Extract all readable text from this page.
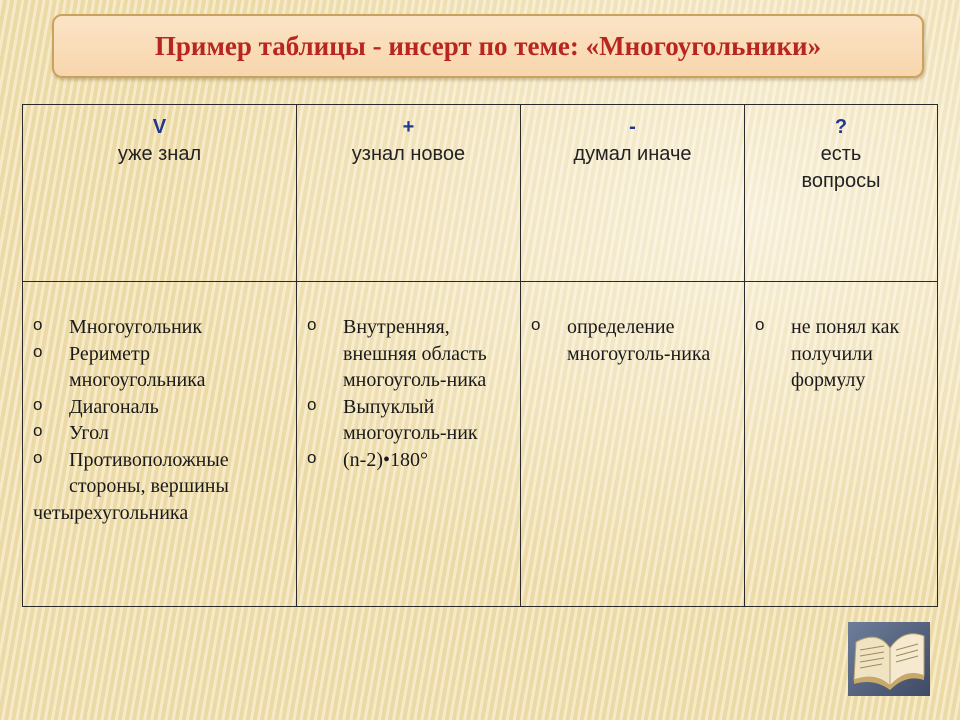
Пример таблицы - инсерт по теме: «Многоугольники»
V
уже знал
+
узнал новое
-
думал иначе
?
есть вопросы
o Многоугольник
o Рериметр многоугольника
o Диагональ
o Угол
o Противоположные стороны, вершины
четырехугольника
o Внутренняя, внешняя область многоуголь-ника
o Выпуклый многоуголь-ник
o (n-2)•180°
o определение многоуголь-ника
o не понял как получили формулу
